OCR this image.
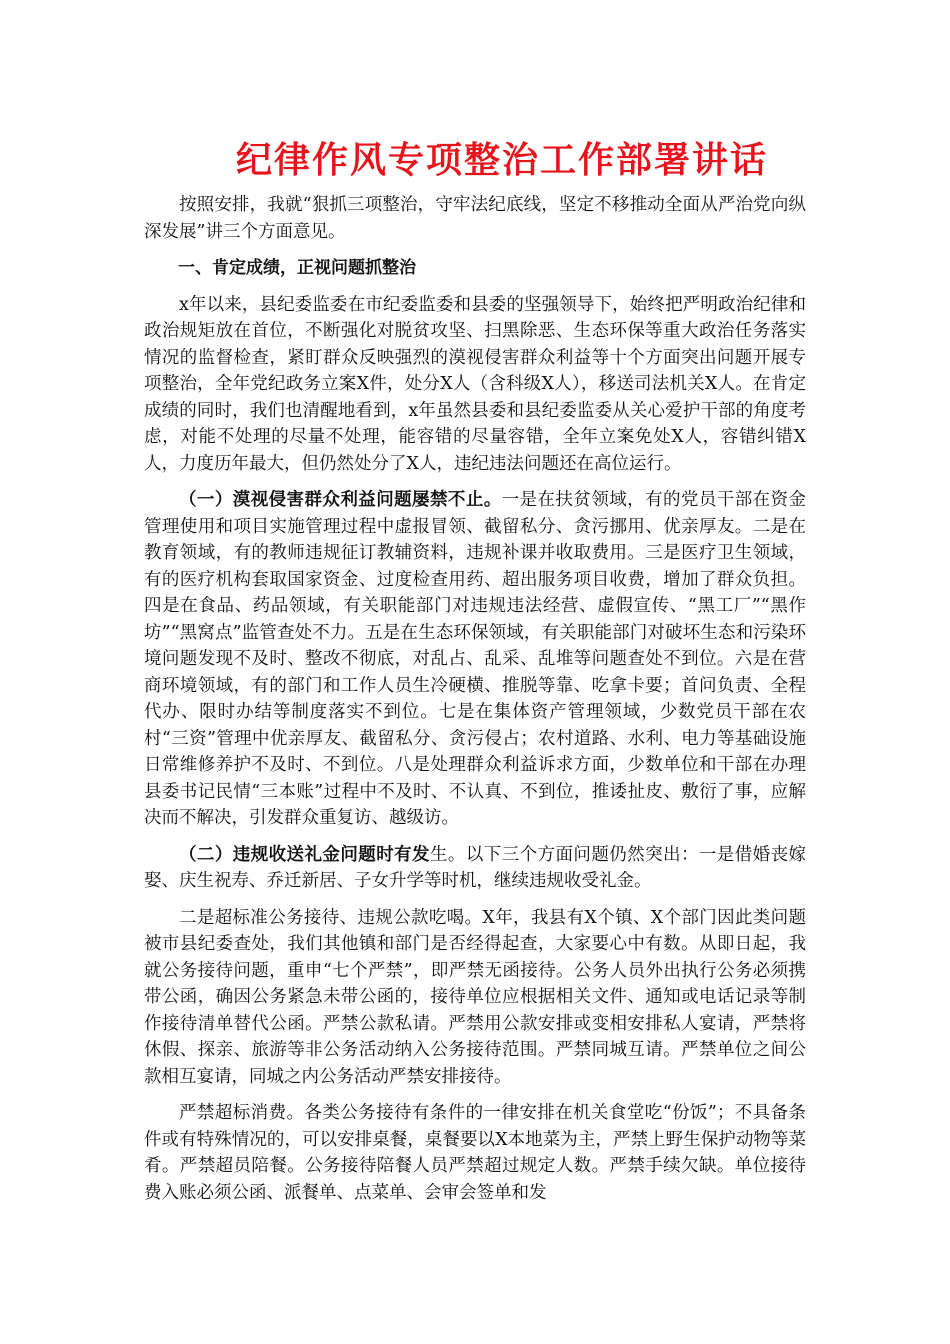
纪律作风专项整治工作部署讲话

按照安排，我就“狠抓三项整治，守牢法纪底线，坚定不移推动全面从严治党向纵深发展”讲三个方面意见。

一、肯定成绩，正视问题抓整治

x年以来，县纪委监委在市纪委监委和县委的坚强领导下，始终把严明政治纪律和政治规矩放在首位，不断强化对脱贫攻坚、扫黑除恶、生态环保等重大政治任务落实情况的监督检查，紧盯群众反映强烈的漠视侵害群众利益等十个方面突出问题开展专项整治，全年党纪政务立案X件，处分X人（含科级X人），移送司法机关X人。在肯定成绩的同时，我们也清醒地看到，x年虽然县委和县纪委监委从关心爱护干部的角度考虑，对能不处理的尽量不处理，能容错的尽量容错，全年立案免处X人，容错纠错X人，力度历年最大，但仍然处分了X人，违纪违法问题还在高位运行。

（一）漠视侵害群众利益问题屡禁不止。一是在扶贫领域，有的党员干部在资金管理使用和项目实施管理过程中虚报冒领、截留私分、贪污挪用、优亲厚友。二是在教育领域，有的教师违规征订教辅资料，违规补课并收取费用。三是医疗卫生领域，有的医疗机构套取国家资金、过度检查用药、超出服务项目收费，增加了群众负担。四是在食品、药品领域，有关职能部门对违规违法经营、虚假宣传、“黑工厂”“黑作坊”“黑窝点”监管查处不力。五是在生态环保领域，有关职能部门对破坏生态和污染环境问题发现不及时、整改不彻底，对乱占、乱采、乱堆等问题查处不到位。六是在营商环境领域，有的部门和工作人员生冷硬横、推脱等靠、吃拿卡要；首问负责、全程代办、限时办结等制度落实不到位。七是在集体资产管理领域，少数党员干部在农村“三资”管理中优亲厚友、截留私分、贪污侵占；农村道路、水利、电力等基础设施日常维修养护不及时、不到位。八是处理群众利益诉求方面，少数单位和干部在办理县委书记民情“三本账”过程中不及时、不认真、不到位，推诿扯皮、敷衍了事，应解决而不解决，引发群众重复访、越级访。

（二）违规收送礼金问题时有发生。以下三个方面问题仍然突出：一是借婚丧嫁娶、庆生祝寿、乔迁新居、子女升学等时机，继续违规收受礼金。

二是超标准公务接待、违规公款吃喝。X年，我县有X个镇、X个部门因此类问题被市县纪委查处，我们其他镇和部门是否经得起查，大家要心中有数。从即日起，我就公务接待问题，重申“七个严禁”，即严禁无函接待。公务人员外出执行公务必须携带公函，确因公务紧急未带公函的，接待单位应根据相关文件、通知或电话记录等制作接待清单替代公函。严禁公款私请。严禁用公款安排或变相安排私人宴请，严禁将休假、探亲、旅游等非公务活动纳入公务接待范围。严禁同城互请。严禁单位之间公款相互宴请，同城之内公务活动严禁安排接待。

严禁超标消费。各类公务接待有条件的一律安排在机关食堂吃“份饭”；不具备条件或有特殊情况的，可以安排桌餐，桌餐要以X本地菜为主，严禁上野生保护动物等菜肴。严禁超员陪餐。公务接待陪餐人员严禁超过规定人数。严禁手续欠缺。单位接待费入账必须公函、派餐单、点菜单、会审会签单和发
